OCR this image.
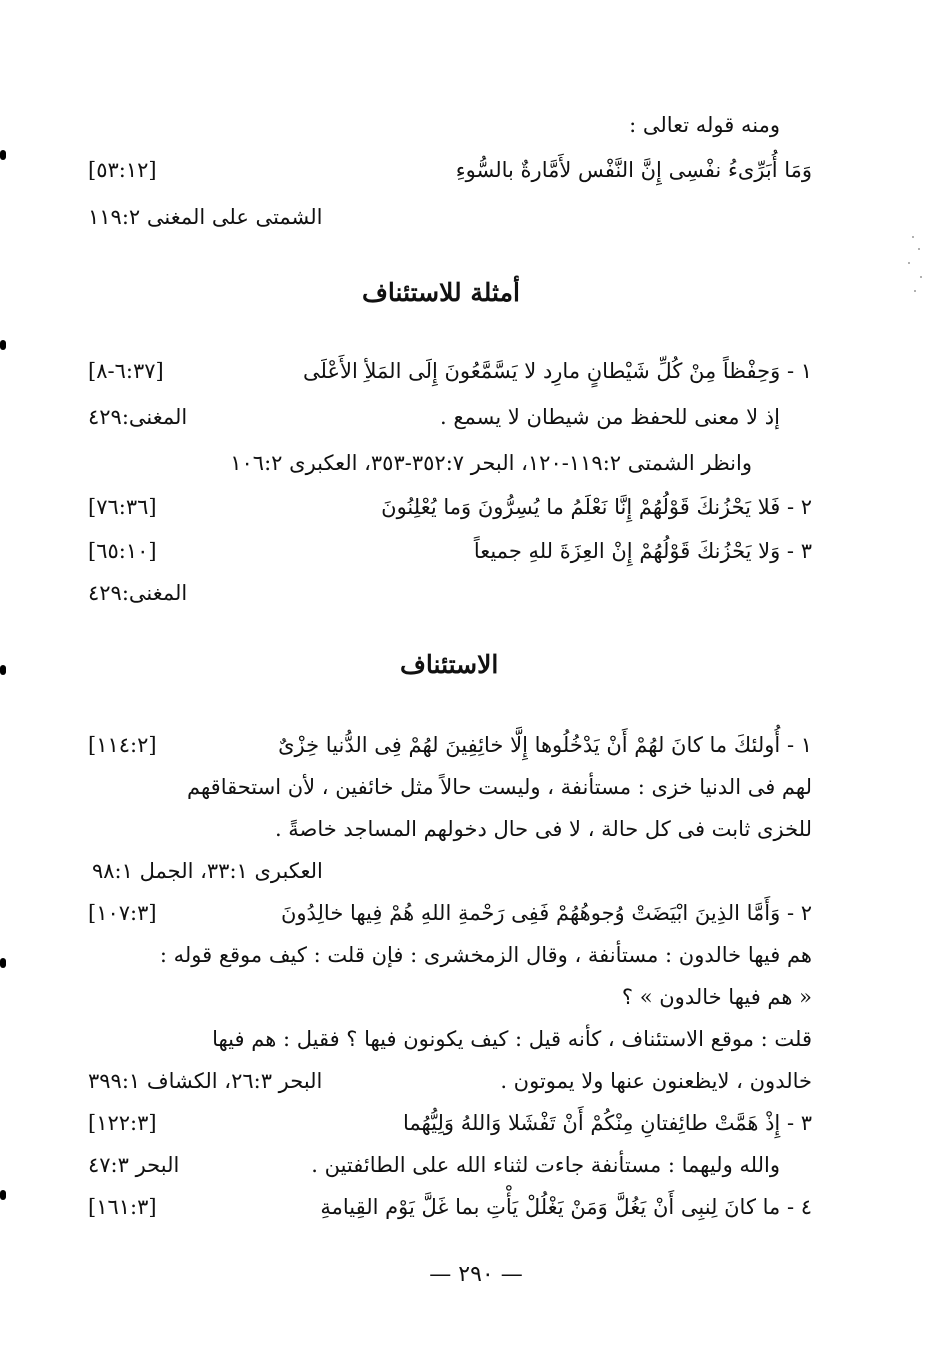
ومنه قوله تعالى :
وَمَا أُبَرِّىءُ نفْسِى إِنَّ النَّفْس لأَمَّارةٌ بالسُّوءِ
[٥٣:١٢]
الشمتى على المغنى ١١٩:٢
أمثلة للاستئناف
١ - وَحِفْظاً مِنْ كُلِّ شَيْطانٍ مارِد لا يَسَّمَّعُونَ إِلَى المَلأِ الأَعْلَى
[٦:٣٧-٨]
إذ لا معنى للحفظ من شيطان لا يسمع .
المغنى:٤٢٩
وانظر الشمتى ١١٩:٢-١٢٠، البحر ٣٥٢:٧-٣٥٣، العكبرى ١٠٦:٢
٢ - فَلا يَحْزُنكَ قَوْلُهُمْ إِنَّا نَعْلَمُ ما يُسِرُّونَ وَما يُعْلِنُونَ
[٧٦:٣٦]
٣ - وَلا يَحْزُنكَ قَوْلُهُمْ إِنْ العِزَةَ للهِ جميعاً
[٦٥:١٠]
المغنى:٤٢٩
الاستئناف
١ - أُولئكَ ما كانَ لهُمْ أَنْ يَدْخُلُوها إِلَّا خائِفِينَ لهُمْ فِى الدُّنيا خِزْىٌ
[١١٤:٢]
لهم فى الدنيا خزى : مستأنفة ، وليست حالاً مثل خائفين ، لأن استحقاقهم
للخزى ثابت فى كل حالة ، لا فى حال دخولهم المساجد خاصةً .
العكبرى ٣٣:١، الجمل ٩٨:١
٢ - وَأَمَّا الذِينَ ابْيَضَتْ وُجوهُهُمْ فَفِى رَحْمةِ اللهِ هُمْ فِيها خالِدُونَ
[١٠٧:٣]
هم فيها خالدون : مستأنفة ، وقال الزمخشرى : فإن قلت : كيف موقع قوله :
« هم فيها خالدون » ؟
قلت : موقع الاستئناف ، كأنه قيل : كيف يكونون فيها ؟ فقيل : هم فيها
خالدون ، لايظعنون عنها ولا يموتون .
البحر ٢٦:٣، الكشاف ٣٩٩:١
٣ - إِذْ هَمَّتْ طائِفتانِ مِنْكُمْ أَنْ تَفْشَلا وَاللهُ وَلِيُّهُما
[١٢٢:٣]
والله وليهما : مستأنفة جاءت لثناء الله على الطائفتين .
البحر ٤٧:٣
٤ - ما كانَ لِنبِى أَنْ يَغُلَّ وَمَنْ يَغْلُلْ يَأْتِ بما غَلَّ يَوْم القِيامةِ
[١٦١:٣]
— ٢٩٠ —
